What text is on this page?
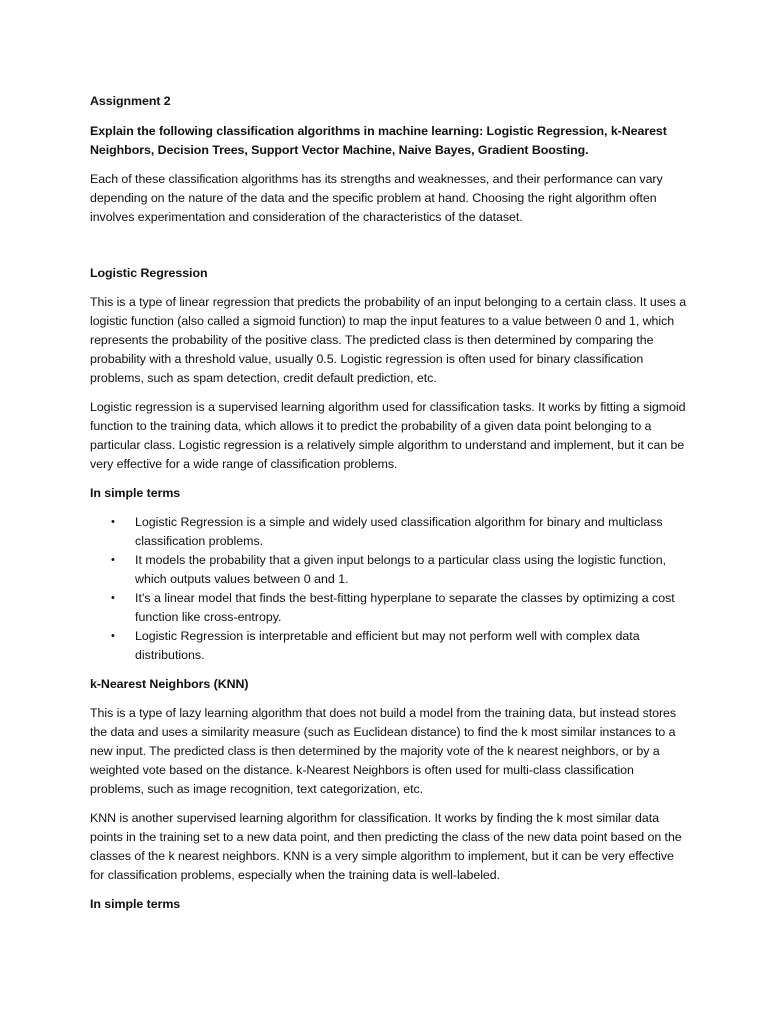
Assignment 2

Explain the following classification algorithms in machine learning: Logistic Regression, k-Nearest Neighbors, Decision Trees, Support Vector Machine, Naive Bayes, Gradient Boosting.

Each of these classification algorithms has its strengths and weaknesses, and their performance can vary depending on the nature of the data and the specific problem at hand. Choosing the right algorithm often involves experimentation and consideration of the characteristics of the dataset.

Logistic Regression

This is a type of linear regression that predicts the probability of an input belonging to a certain class. It uses a logistic function (also called a sigmoid function) to map the input features to a value between 0 and 1, which represents the probability of the positive class. The predicted class is then determined by comparing the probability with a threshold value, usually 0.5. Logistic regression is often used for binary classification problems, such as spam detection, credit default prediction, etc.

Logistic regression is a supervised learning algorithm used for classification tasks. It works by fitting a sigmoid function to the training data, which allows it to predict the probability of a given data point belonging to a particular class. Logistic regression is a relatively simple algorithm to understand and implement, but it can be very effective for a wide range of classification problems.

In simple terms

• Logistic Regression is a simple and widely used classification algorithm for binary and multiclass classification problems.
• It models the probability that a given input belongs to a particular class using the logistic function, which outputs values between 0 and 1.
• It’s a linear model that finds the best-fitting hyperplane to separate the classes by optimizing a cost function like cross-entropy.
• Logistic Regression is interpretable and efficient but may not perform well with complex data distributions.

k-Nearest Neighbors (KNN)

This is a type of lazy learning algorithm that does not build a model from the training data, but instead stores the data and uses a similarity measure (such as Euclidean distance) to find the k most similar instances to a new input. The predicted class is then determined by the majority vote of the k nearest neighbors, or by a weighted vote based on the distance. k-Nearest Neighbors is often used for multi-class classification problems, such as image recognition, text categorization, etc.

KNN is another supervised learning algorithm for classification. It works by finding the k most similar data points in the training set to a new data point, and then predicting the class of the new data point based on the classes of the k nearest neighbors. KNN is a very simple algorithm to implement, but it can be very effective for classification problems, especially when the training data is well-labeled.

In simple terms
